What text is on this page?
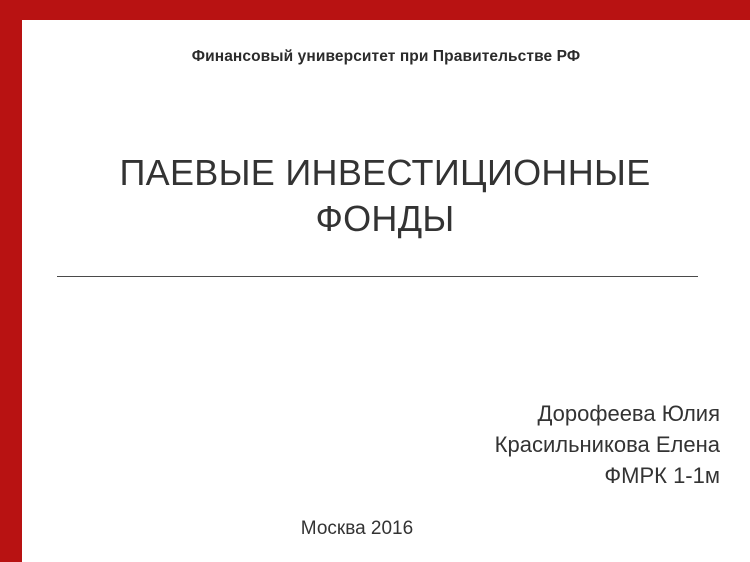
Финансовый университет при Правительстве РФ
ПАЕВЫЕ ИНВЕСТИЦИОННЫЕ
ФОНДЫ
Дорофеева Юлия
Красильникова Елена
ФМРК 1-1м
Москва 2016
